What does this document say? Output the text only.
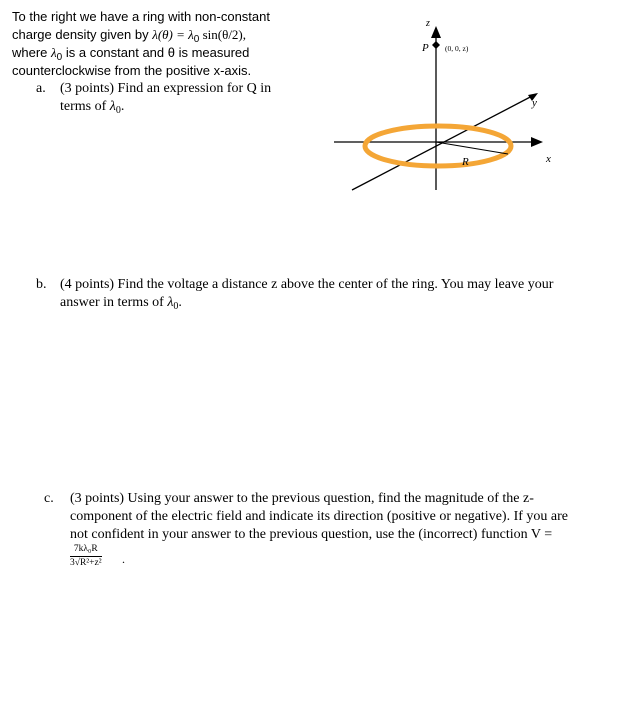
To the right we have a ring with non-constant
charge density given by $\lambda(\theta) = \lambda_0$ sin(θ/2),
where $\lambda_0$ is a constant and θ is measured
counterclockwise from the positive x-axis.
a. (3 points) Find an expression for Q in
terms of $\lambda_0$.
z
P (0, 0, z)
y
x
R
b. (4 points) Find the voltage a distance z above the center of the ring. You may leave your
answer in terms of $\lambda_0$.
c. (3 points) Using your answer to the previous question, find the magnitude of the z-
component of the electric field and indicate its direction (positive or negative). If you are
not confident in your answer to the previous question, use the (incorrect) function V =
7kλ₀R
3√R²+z² .
